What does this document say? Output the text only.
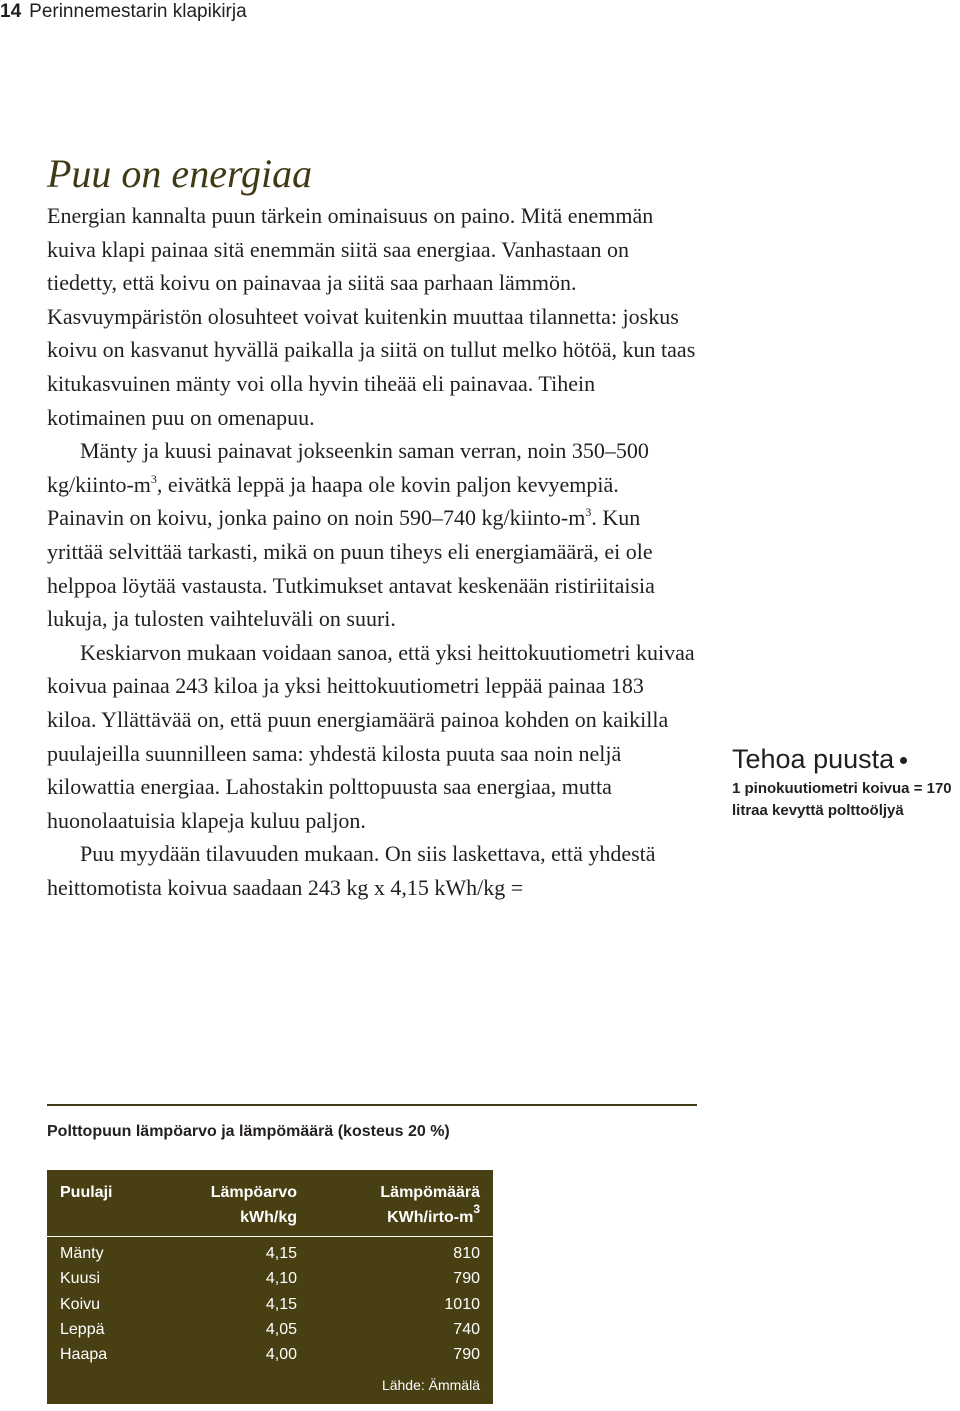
14 Perinnemestarin klapikirja
Puu on energiaa

Energian kannalta puun tärkein ominaisuus on paino. Mitä enemmän kuiva klapi painaa sitä enemmän siitä saa energiaa. Vanhastaan on tiedetty, että koivu on painavaa ja siitä saa parhaan lämmön. Kasvuympäristön olosuhteet voivat kuitenkin muuttaa tilannetta: joskus koivu on kasvanut hyvällä paikalla ja siitä on tullut melko hötöä, kun taas kitukasvuinen mänty voi olla hyvin tiheää eli painavaa. Tihein kotimainen puu on omenapuu.

Mänty ja kuusi painavat jokseenkin saman verran, noin 350–500 $kg/kiinto-m^3$, eivätkä leppä ja haapa ole kovin paljon kevyempiä. Painavin on koivu, jonka paino on noin 590–740 $kg/kiinto-m^3$. Kun yrittää selvittää tarkasti, mikä on puun tiheys eli energiamäärä, ei ole helppoa löytää vastausta. Tutkimukset antavat keskenään ristiriitaisia lukuja, ja tulosten vaihteluväli on suuri.

Keskiarvon mukaan voidaan sanoa, että yksi heittokuutiometri kuivaa koivua painaa 243 kiloa ja yksi heittokuutiometri leppää painaa 183 kiloa. Yllättävää on, että puun energiamäärä painoa kohden on kaikilla puulajeilla suunnilleen sama: yhdestä kilosta puuta saa noin neljä kilowattia energiaa. Lahostakin polttopuusta saa energiaa, mutta huonolaatuisia klapeja kuluu paljon.

Puu myydään tilavuuden mukaan. On siis laskettava, että yhdestä heittomotista koivua saadaan 243 kg x 4,15 kWh/kg =

Tehoa puusta
1 pinokuutiometri koivua = 170 litraa kevyttä polttoöljyä
Polttopuun lämpöarvo ja lämpömäärä (kosteus 20 %)
Puulaji	Lämpöarvo
kWh/kg
Lämpömäärä
KWh/$irto-m^3$
Mänty	4,15	810
Kuusi	4,10	790
Koivu	4,15	1010
Leppä	4,05	740
Haapa	4,00	790
Lähde: Ämmälä
